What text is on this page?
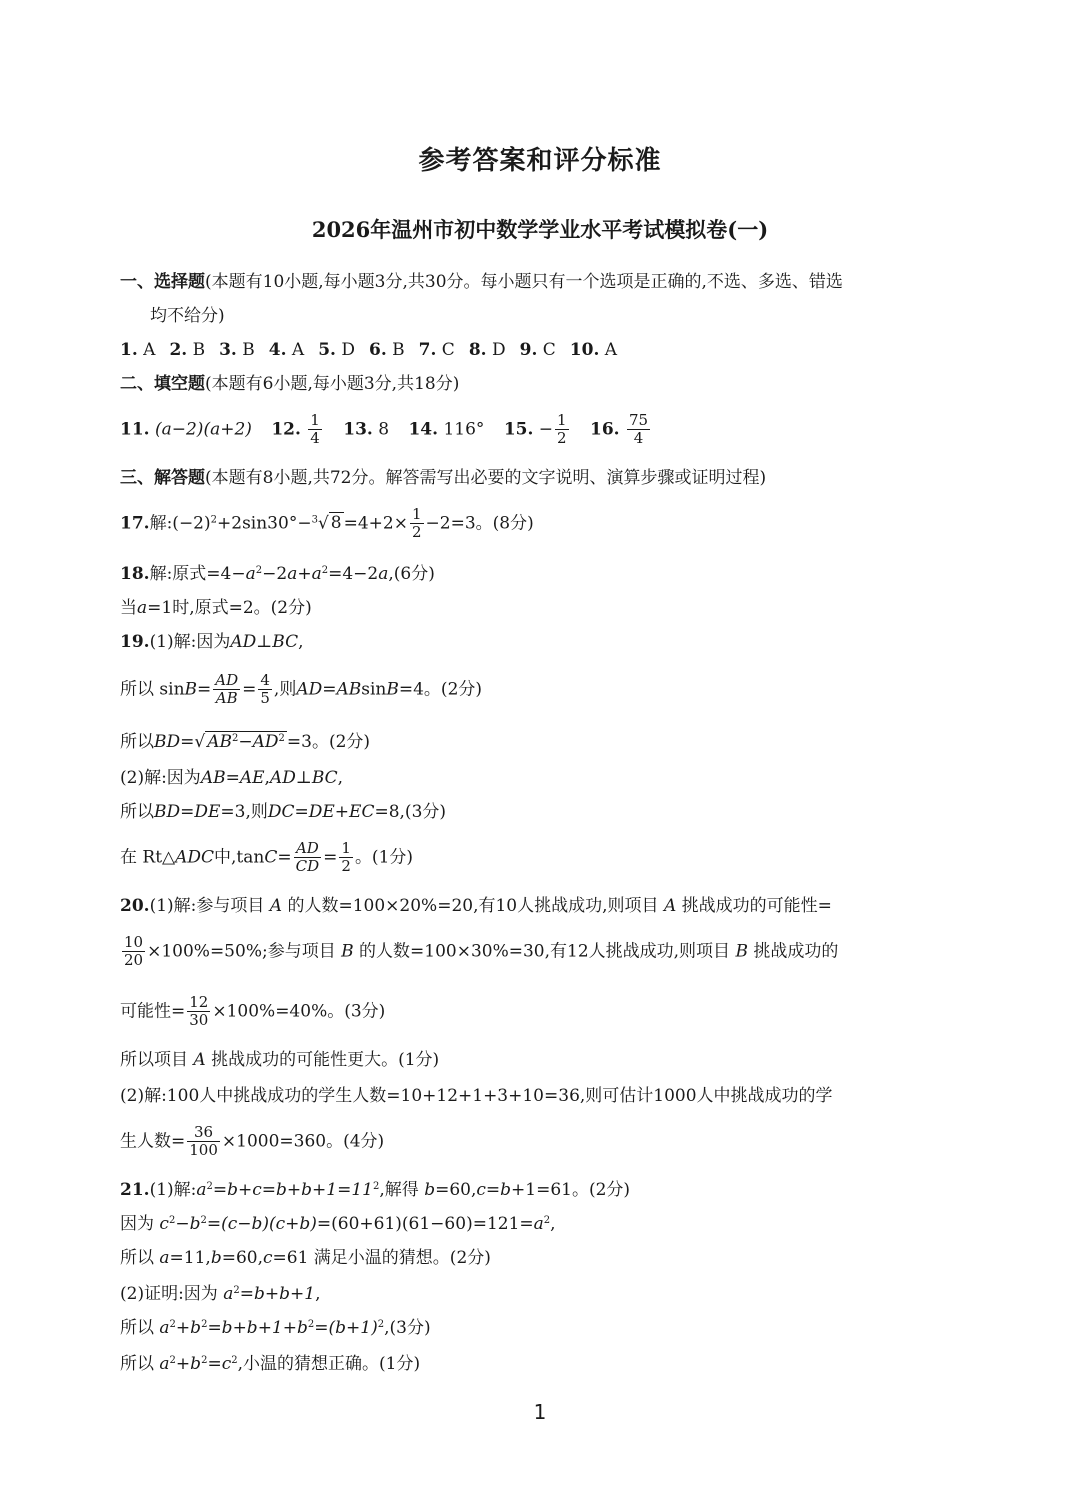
参考答案和评分标准
2026年温州市初中数学学业水平考试模拟卷(一)
一、选择题(本题有10小题,每小题3分,共30分。每小题只有一个选项是正确的,不选、多选、错选
均不给分)
1. A 2. B 3. B 4. A 5. D 6. B 7. C 8. D 9. C 10. A
二、填空题(本题有6小题,每小题3分,共18分)
11. (a−2)(a+2) 12. $\frac{1}{4} 13$. 8 14. 116° 15. − $\frac{1}{2} 16$. $\frac{75}{4}$
三、解答题(本题有8小题,共72分。解答需写出必要的文字说明、演算步骤或证明过程)
17.解$:(-2)^2+2\sin 30^\circ-^3√$ $8 =4+2\times \frac{1}{2} -2=3$。(8分)
18.解:原式$=4-a^2-2a+a^2=4-2a,(6$分)
当a=1时,原式=2。(2分)
19.(1)解:因为AD⊥BC,
所以 $\sin B= \frac{AD}{AB} = \frac{4}{5}$ ,则AD=ABsinB=4。(2分)
所以BD=√ $AB^2-AD^2 =3$。(2分)
(2)解:因为AB=AE,AD⊥BC,
所以BD=DE=3,则DC=DE+EC=8,(3分)
在 Rt△ADC中$,\tan C= \frac{AD}{CD} = \frac{1}{2}$ 。(1分)
20.(1)解:参与项目 A 的人数=100×20%=20,有10人挑战成功,则项目 A 挑战成功的可能性=
$\frac{10}{20} \times 100\%=50\%$;参与项目 B 的人数=100×30%=30,有12人挑战成功,则项目 B 挑战成功的
可能性= $\frac{12}{30} \times 100\%=40\%$。(3分)
所以项目 A 挑战成功的可能性更大。(1分)
(2)解:100人中挑战成功的学生人数=10+12+1+3+10=36,则可估计1000人中挑战成功的学
生人数= $\frac{36}{100} \times 1000=360$。(4分)
21.(1)解$:a^2=b+c=b+b+1=11^2$,解得 b=60,c=b+1=61。(2分)
因为 $c^2-b^2=(c-b)(c+b)=(60+61)(61-60)=121=a^2$,
所以 a=11,b=60,c=61 满足小温的猜想。(2分)
(2)证明:因为 $a^2=b+b+1$,
所以 $a^2+b^2=b+b+1+b^2=(b+1)^2,(3$分)
所以 $a^2+b^2=c^2$,小温的猜想正确。(1分)
1
